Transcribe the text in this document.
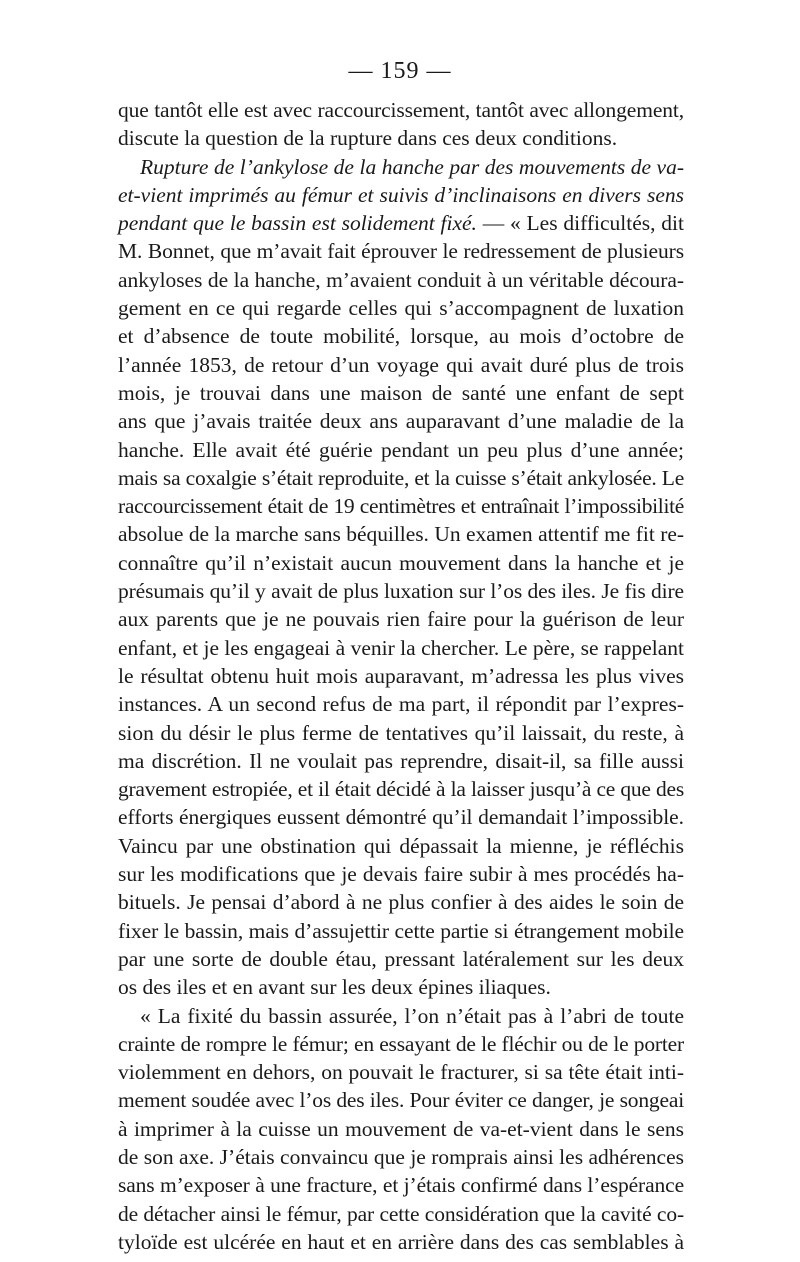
— 159 —
que tantôt elle est avec raccourcissement, tantôt avec allongement,
discute la question de la rupture dans ces deux conditions.
Rupture de l’ankylose de la hanche par des mouvements de va-
et-vient imprimés au fémur et suivis d’inclinaisons en divers sens
pendant que le bassin est solidement fixé. — « Les difficultés, dit
M. Bonnet, que m’avait fait éprouver le redressement de plusieurs
ankyloses de la hanche, m’avaient conduit à un véritable découra-
gement en ce qui regarde celles qui s’accompagnent de luxation
et d’absence de toute mobilité, lorsque, au mois d’octobre de
l’année 1853, de retour d’un voyage qui avait duré plus de trois
mois, je trouvai dans une maison de santé une enfant de sept
ans que j’avais traitée deux ans auparavant d’une maladie de la
hanche. Elle avait été guérie pendant un peu plus d’une année;
mais sa coxalgie s’était reproduite, et la cuisse s’était ankylosée. Le
raccourcissement était de 19 centimètres et entraînait l’impossibilité
absolue de la marche sans béquilles. Un examen attentif me fit re-
connaître qu’il n’existait aucun mouvement dans la hanche et je
présumais qu’il y avait de plus luxation sur l’os des iles. Je fis dire
aux parents que je ne pouvais rien faire pour la guérison de leur
enfant, et je les engageai à venir la chercher. Le père, se rappelant
le résultat obtenu huit mois auparavant, m’adressa les plus vives
instances. A un second refus de ma part, il répondit par l’expres-
sion du désir le plus ferme de tentatives qu’il laissait, du reste, à
ma discrétion. Il ne voulait pas reprendre, disait-il, sa fille aussi
gravement estropiée, et il était décidé à la laisser jusqu’à ce que des
efforts énergiques eussent démontré qu’il demandait l’impossible.
Vaincu par une obstination qui dépassait la mienne, je réfléchis
sur les modifications que je devais faire subir à mes procédés ha-
bituels. Je pensai d’abord à ne plus confier à des aides le soin de
fixer le bassin, mais d’assujettir cette partie si étrangement mobile
par une sorte de double étau, pressant latéralement sur les deux
os des iles et en avant sur les deux épines iliaques.
« La fixité du bassin assurée, l’on n’était pas à l’abri de toute
crainte de rompre le fémur; en essayant de le fléchir ou de le porter
violemment en dehors, on pouvait le fracturer, si sa tête était inti-
mement soudée avec l’os des iles. Pour éviter ce danger, je songeai
à imprimer à la cuisse un mouvement de va-et-vient dans le sens
de son axe. J’étais convaincu que je romprais ainsi les adhérences
sans m’exposer à une fracture, et j’étais confirmé dans l’espérance
de détacher ainsi le fémur, par cette considération que la cavité co-
tyloïde est ulcérée en haut et en arrière dans des cas semblables à
